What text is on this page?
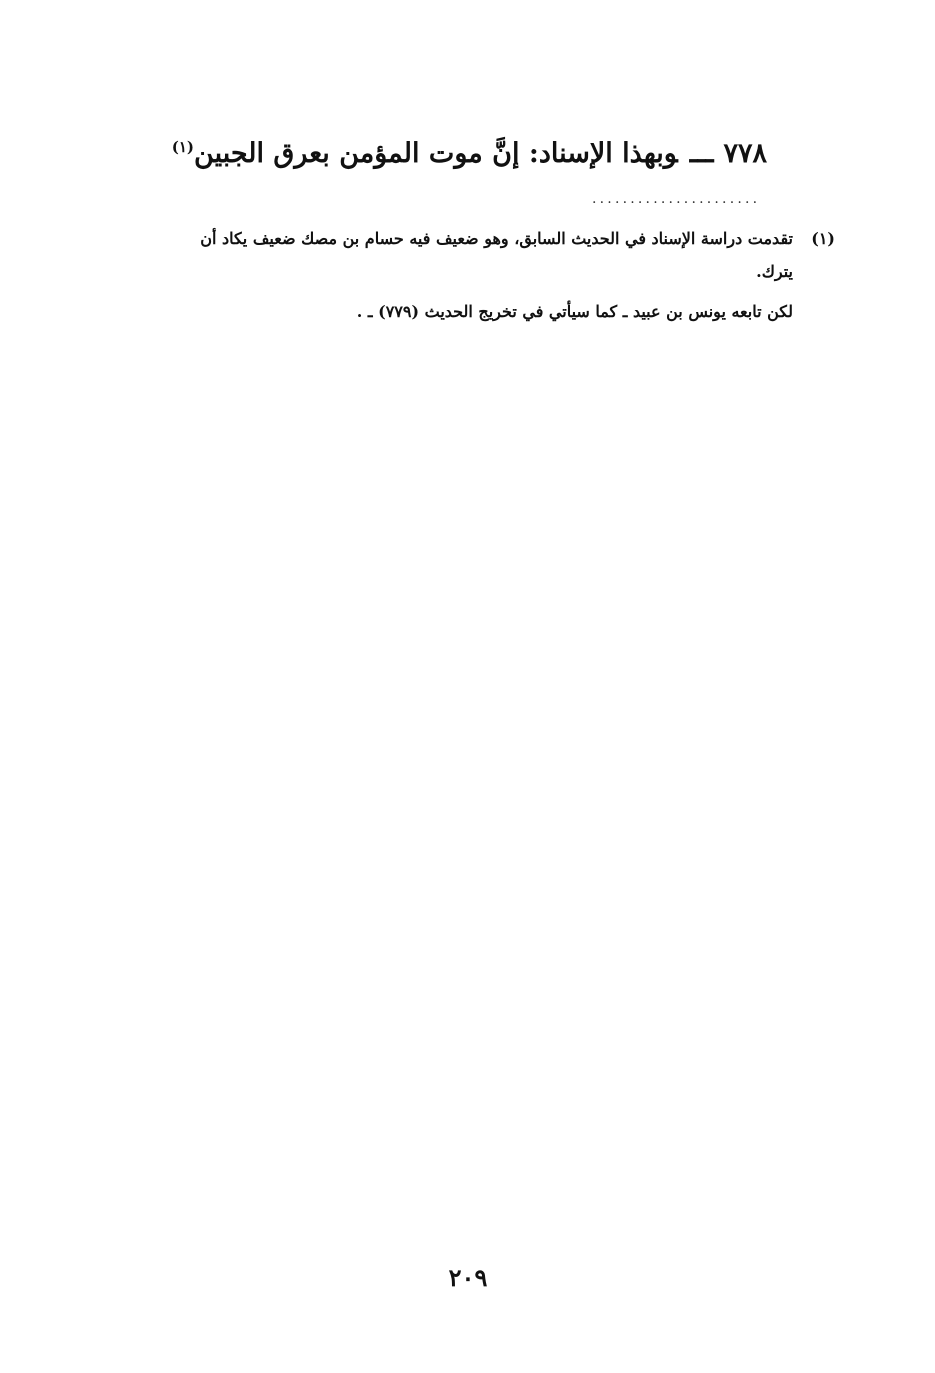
٧٧٨ـــوبهذا الإسناد: إنَّ موت المؤمن بعرق الجبين$^{(١)}$
......................
(١)
تقدمت دراسة الإسناد في الحديث السابق، وهو ضعيف فيه حسام بن مصك ضعيف يكاد أن
يترك.
لكن تابعه يونس بن عبيد ـ كما سيأتي في تخريج الحديث (٧٧٩) ـ .
٢٠٩
